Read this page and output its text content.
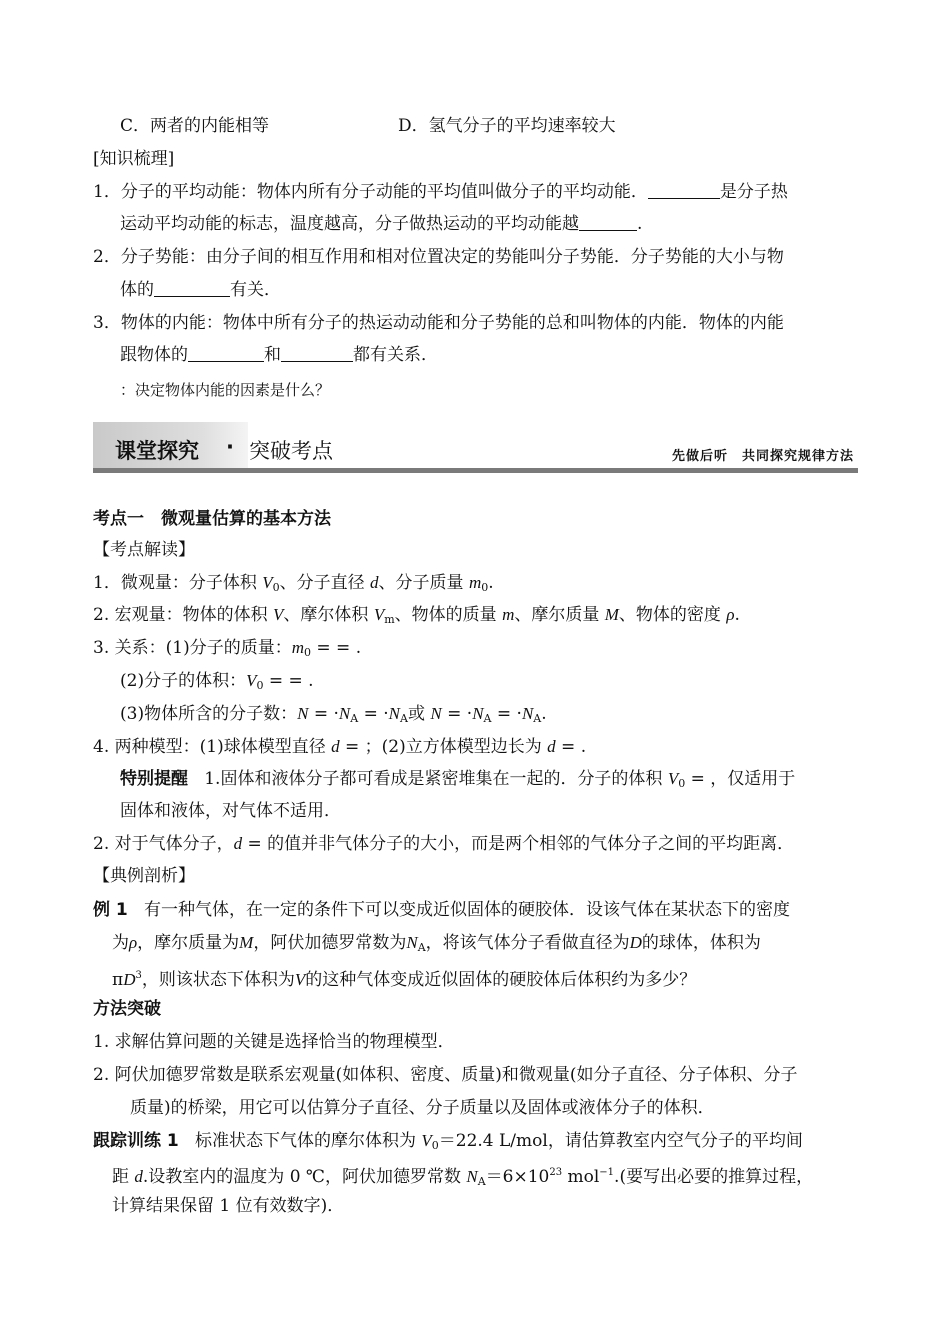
C．两者的内能相等	D．氢气分子的平均速率较大
[知识梳理]
1．分子的平均动能：物体内所有分子动能的平均值叫做分子的平均动能．	是分子热
运动平均动能的标志，温度越高，分子做热运动的平均动能越	.
2．分子势能：由分子间的相互作用和相对位置决定的势能叫分子势能．分子势能的大小与物
体的	有关．
3．物体的内能：物体中所有分子的热运动动能和分子势能的总和叫物体的内能．物体的内能
跟物体的	和	都有关系．
：决定物体内能的因素是什么？
课堂探究 · 突破考点	先做后听　共同探究规律方法
考点一　微观量估算的基本方法
【考点解读】
1．微观量：分子体积 $V_0$、分子直径 d、分子质量 $m_0$.
2. 宏观量：物体的体积 V、摩尔体积 $V_m$、物体的质量 m、摩尔质量 M、物体的密度 ρ.
3. 关系：(1)分子的质量：$m_0$ = = .
(2)分子的体积：$V_0$ = = .
(3)物体所含的分子数：$N = \cdot N_A = \cdot N_A$或 $N = \cdot N_A = \cdot N_A$.
4. 两种模型：(1)球体模型直径 d = ；(2)立方体模型边长为 d = .
特别提醒 1.固体和液体分子都可看成是紧密堆集在一起的．分子的体积 $V_0$ = ，仅适用于
固体和液体，对气体不适用．
2. 对于气体分子，d = 的值并非气体分子的大小，而是两个相邻的气体分子之间的平均距离．
【典例剖析】
例 1 有一种气体，在一定的条件下可以变成近似固体的硬胶体．设该气体在某状态下的密度
为ρ，摩尔质量为M，阿伏加德罗常数为$N_A$，将该气体分子看做直径为D的球体，体积为
$\pi D^3$，则该状态下体积为V的这种气体变成近似固体的硬胶体后体积约为多少？
方法突破
1. 求解估算问题的关键是选择恰当的物理模型．
2. 阿伏加德罗常数是联系宏观量(如体积、密度、质量)和微观量(如分子直径、分子体积、分子
质量)的桥梁，用它可以估算分子直径、分子质量以及固体或液体分子的体积．
跟踪训练 1 标准状态下气体的摩尔体积为 $V_0=22.4$ L/mol，请估算教室内空气分子的平均间
距 d.设教室内的温度为 0 ℃，阿伏加德罗常数 $N_A=6\times 10^{23}$ mol$^{-1}$.(要写出必要的推算过程，
计算结果保留 1 位有效数字)．
